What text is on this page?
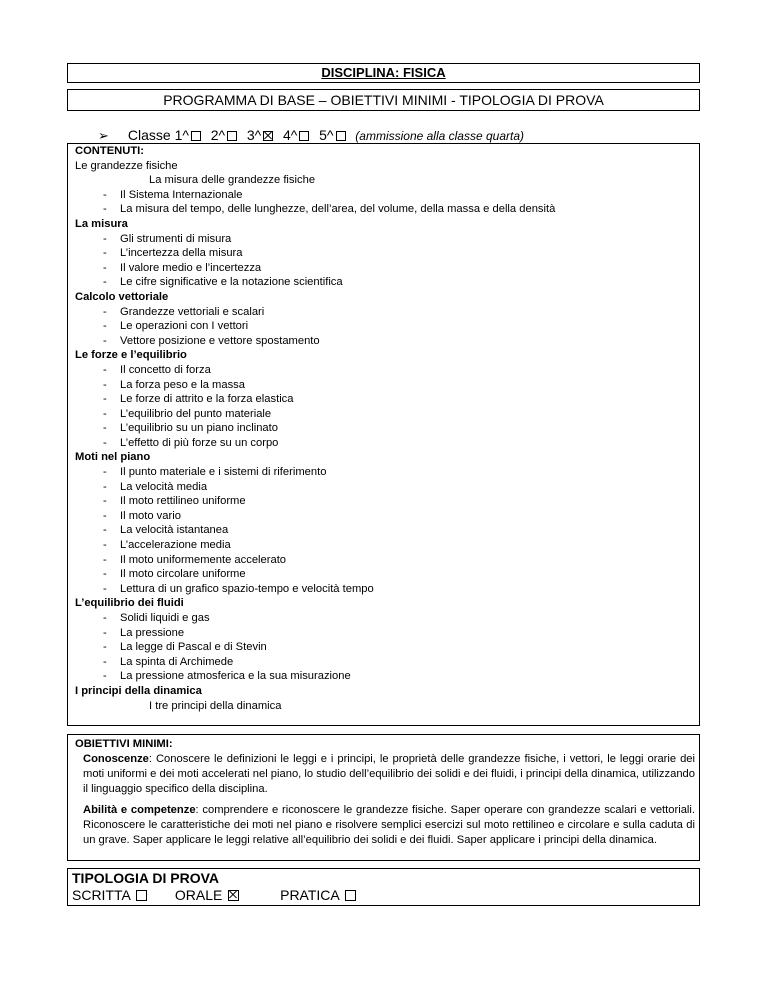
DISCIPLINA: FISICA
PROGRAMMA DI BASE – OBIETTIVI MINIMI - TIPOLOGIA DI PROVA
➢ Classe 1^ 2^ 3^ 4^ 5^ (ammissione alla classe quarta)
CONTENUTI:
Le grandezze fisiche
La misura delle grandezze fisiche
- Il Sistema Internazionale
- La misura del tempo, delle lunghezze, dell’area, del volume, della massa e della densità
La misura
- Gli strumenti di misura
- L’incertezza della misura
- Il valore medio e l’incertezza
- Le cifre significative e la notazione scientifica
Calcolo vettoriale
- Grandezze vettoriali e scalari
- Le operazioni con I vettori
- Vettore posizione e vettore spostamento
Le forze e l’equilibrio
- Il concetto di forza
- La forza peso e la massa
- Le forze di attrito e la forza elastica
- L’equilibrio del punto materiale
- L’equilibrio su un piano inclinato
- L’effetto di più forze su un corpo
Moti nel piano
- Il punto materiale e i sistemi di riferimento
- La velocità media
- Il moto rettilineo uniforme
- Il moto vario
- La velocità istantanea
- L’accelerazione media
- Il moto uniformemente accelerato
- Il moto circolare uniforme
- Lettura di un grafico spazio-tempo e velocità tempo
L’equilibrio dei fluidi
- Solidi liquidi e gas
- La pressione
- La legge di Pascal e di Stevin
- La spinta di Archimede
- La pressione atmosferica e la sua misurazione
I principi della dinamica
I tre principi della dinamica

OBIETTIVI MINIMI:

Conoscenze: Conoscere le definizioni le leggi e i principi, le proprietà delle grandezze fisiche, i vettori, le leggi orarie dei moti uniformi e dei moti accelerati nel piano, lo studio dell’equilibrio dei solidi e dei fluidi, i principi della dinamica, utilizzando il linguaggio specifico della disciplina.

Abilità e competenze: comprendere e riconoscere le grandezze fisiche. Saper operare con grandezze scalari e vettoriali. Riconoscere le caratteristiche dei moti nel piano e risolvere semplici esercizi sul moto rettilineo e circolare e sulla caduta di un grave. Saper applicare le leggi relative all’equilibrio dei solidi e dei fluidi. Saper applicare i principi della dinamica.

TIPOLOGIA DI PROVA
SCRITTA	ORALE	PRATICA
